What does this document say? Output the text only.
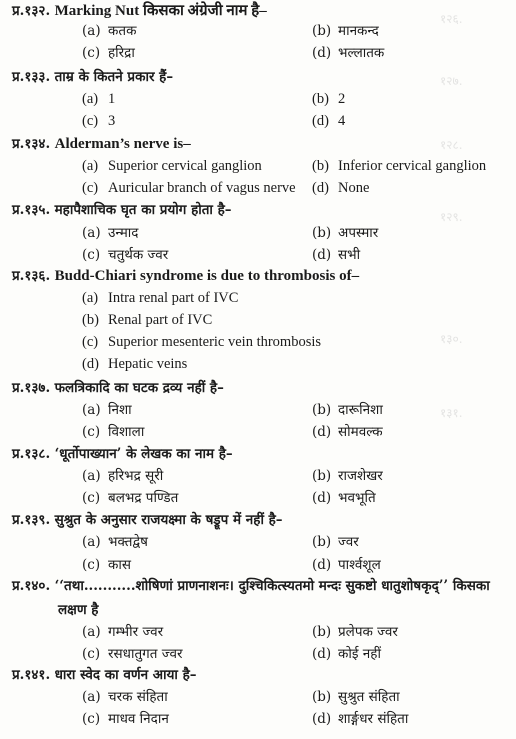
१२६.
१२७.
१२८.
१२९.
१३०.
१३१.
प्र.१३२. Marking Nut किसका अंग्रेजी नाम है–
(a) कतक	(b) मानकन्द
(c) हरिद्रा	(d) भल्लातक
प्र.१३३. ताम्र के कितने प्रकार हैं–
(a) 1	(b) 2
(c) 3	(d) 4
प्र.१३४. Alderman’s nerve is–
(a) Superior cervical ganglion	(b) Inferior cervical ganglion
(c) Auricular branch of vagus nerve (d) None
प्र.१३५. महापैशाचिक घृत का प्रयोग होता है–
(a) उन्माद	(b) अपस्मार
(c) चतुर्थक ज्वर	(d) सभी
प्र.१३६. Budd-Chiari syndrome is due to thrombosis of–
(a) Intra renal part of IVC
(b) Renal part of IVC
(c) Superior mesenteric vein thrombosis
(d) Hepatic veins
प्र.१३७. फलत्रिकादि का घटक द्रव्य नहीं है–
(a) निशा	(b) दारूनिशा
(c) विशाला	(d) सोमवल्क
प्र.१३८. ‘धूर्तोपाख्यान’ के लेखक का नाम है–
(a) हरिभद्र सूरी	(b) राजशेखर
(c) बलभद्र पण्डित	(d) भवभूति
प्र.१३९. सुश्रुत के अनुसार राजयक्ष्मा के षड्रूप में नहीं है–
(a) भक्तद्वेष	(b) ज्वर
(c) कास	(d) पार्श्वशूल
प्र.१४०. ‘‘तथा...........शोषिणां प्राणनाशनः। दुश्चिकित्स्यतमो मन्दः सुकष्टो धातुशोषकृद्’’ किसका
लक्षण है
(a) गम्भीर ज्वर	(b) प्रलेपक ज्वर
(c) रसधातुगत ज्वर	(d) कोई नहीं
प्र.१४१. धारा स्वेद का वर्णन आया है–
(a) चरक संहिता	(b) सुश्रुत संहिता
(c) माधव निदान	(d) शार्ङ्गधर संहिता
